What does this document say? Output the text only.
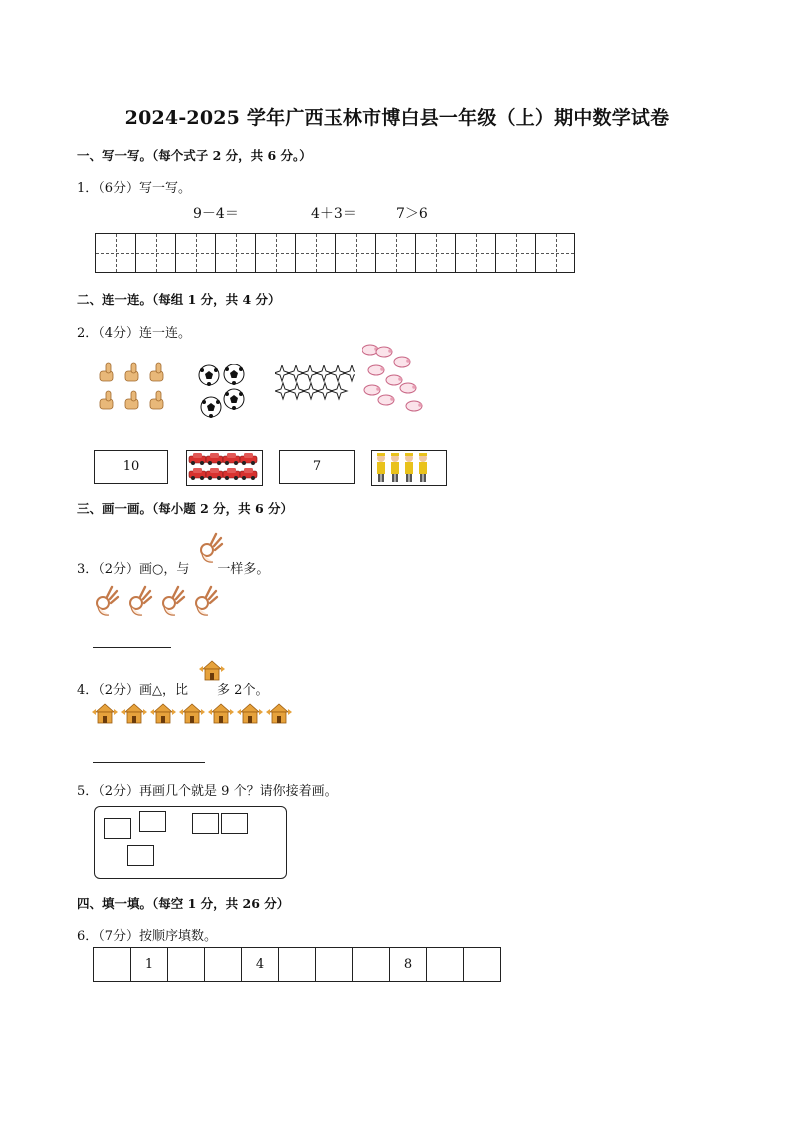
2024-2025 学年广西玉林市博白县一年级（上）期中数学试卷
一、写一写。（每个式子 2 分，共 6 分。）
1．（6分）写一写。
9－4＝	4＋3＝	7＞6
二、连一连。（每组 1 分，共 4 分）
2．（4分）连一连。
10	7
三、画一画。（每小题 2 分，共 6 分）
3．（2分）画○，与 一样多。
4．（2分）画△，比 多 2个。
5．（2分）再画几个就是 9 个？请你接着画。
四、填一填。（每空 1 分，共 26 分）
6．（7分）按顺序填数。
	1			4				8		
